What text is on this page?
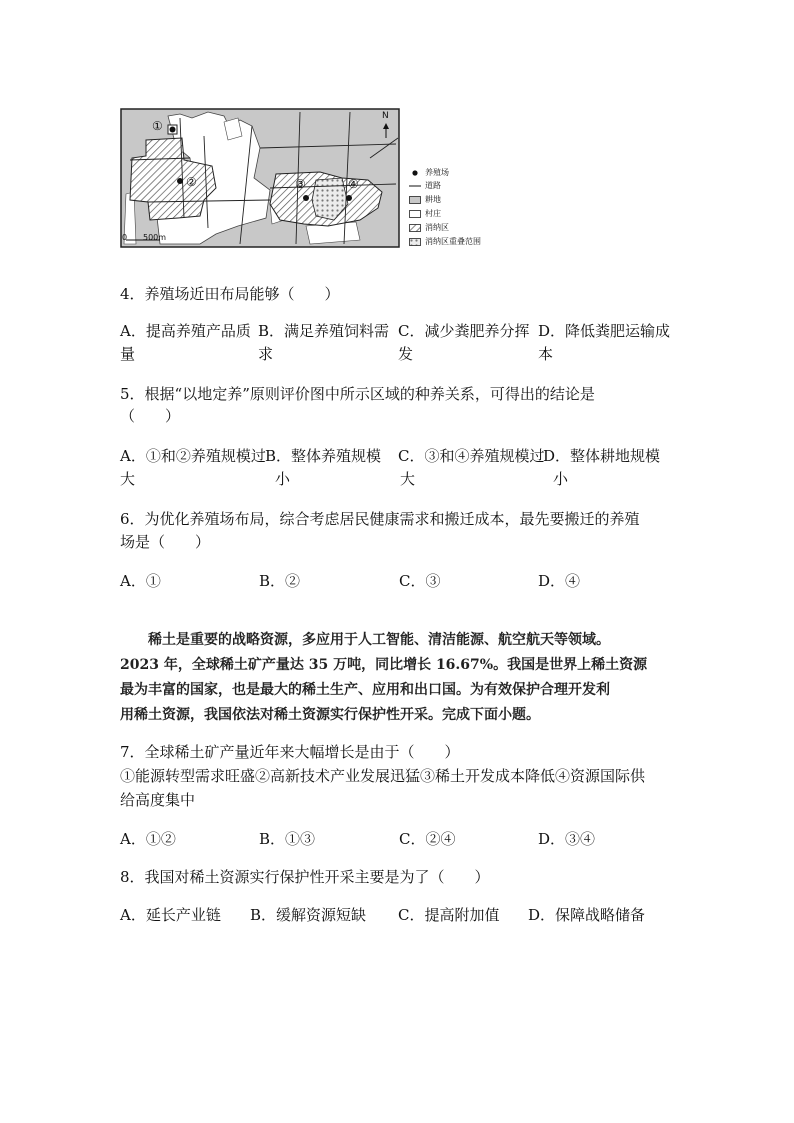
①
②	③	④
N
0 500m
养殖场
道路
耕地
村庄
消纳区
消纳区重叠范围
4．养殖场近田布局能够（　　）
A．提高养殖产品质
量
B．满足养殖饲料需
求
C．减少粪肥养分挥
发
D．降低粪肥运输成
本
5．根据“以地定养”原则评价图中所示区域的种养关系，可得出的结论是
（　　）
A．①和②养殖规模过
大
B．整体养殖规模
小
C．③和④养殖规模过
大
D．整体耕地规模
小
6．为优化养殖场布局，综合考虑居民健康需求和搬迁成本，最先要搬迁的养殖
场是（　　）
A．①	B．②	C．③	D．④
稀土是重要的战略资源，多应用于人工智能、清洁能源、航空航天等领域。
2023 年，全球稀土矿产量达 35 万吨，同比增长 16.67%。我国是世界上稀土资源
最为丰富的国家，也是最大的稀土生产、应用和出口国。为有效保护合理开发利
用稀土资源，我国依法对稀土资源实行保护性开采。完成下面小题。
7．全球稀土矿产量近年来大幅增长是由于（　　）
①能源转型需求旺盛②高新技术产业发展迅猛③稀土开发成本降低④资源国际供
给高度集中
A．①②	B．①③	C．②④	D．③④
8．我国对稀土资源实行保护性开采主要是为了（　　）
A．延长产业链 B．缓解资源短缺 C．提高附加值 D．保障战略储备
